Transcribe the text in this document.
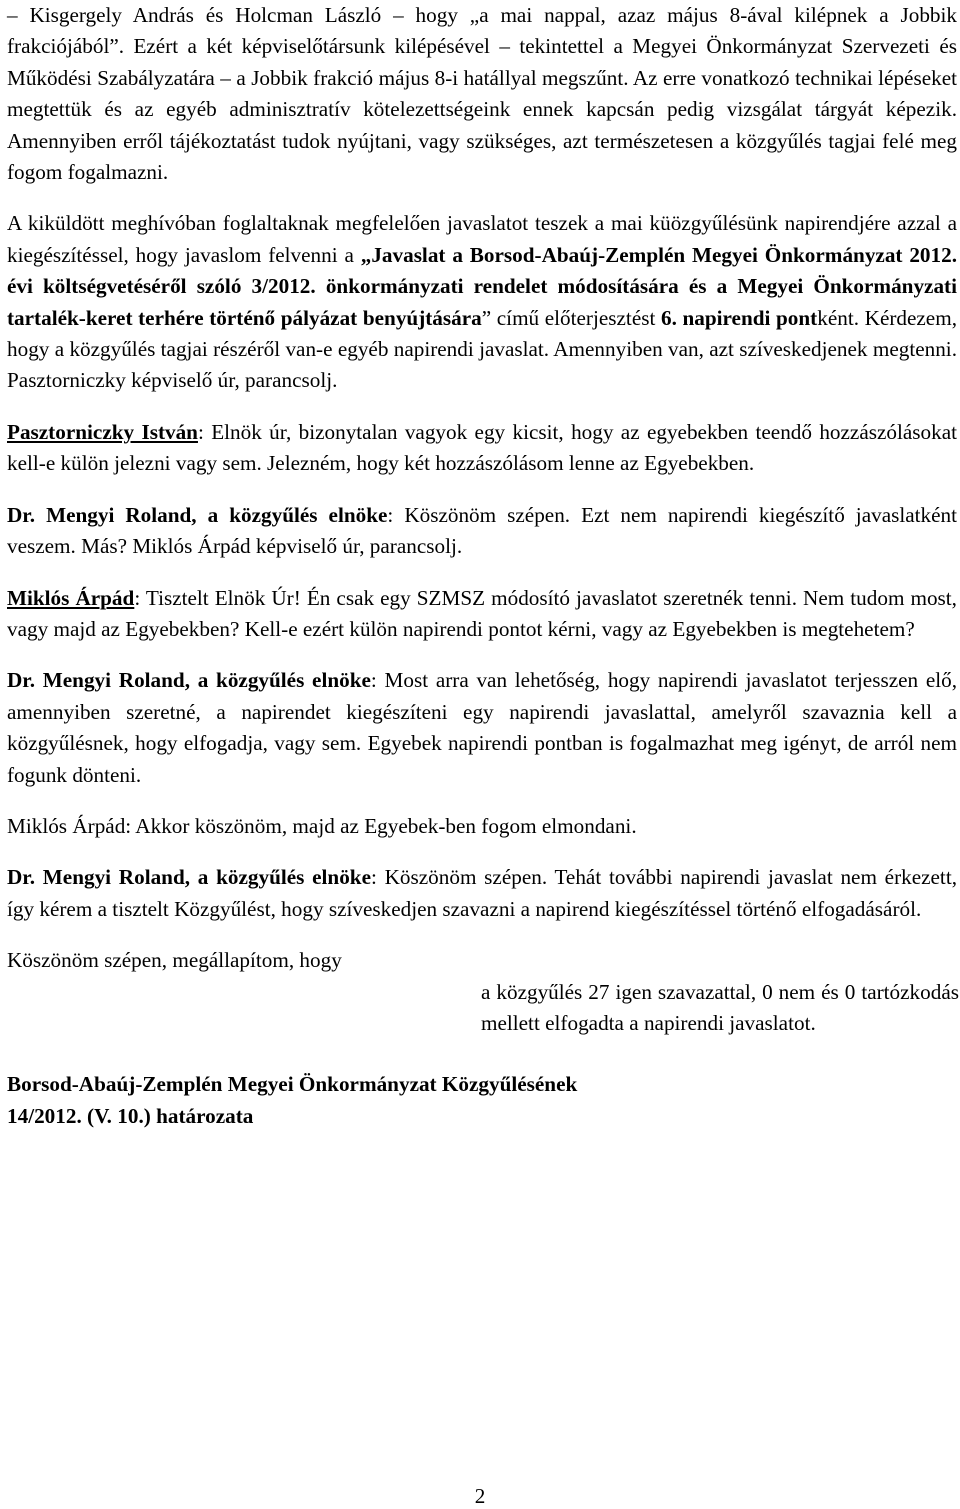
– Kisgergely András és Holcman László – hogy „a mai nappal, azaz május 8-ával kilépnek a Jobbik frakciójából”. Ezért a két képviselőtársunk kilépésével – tekintettel a Megyei Önkormányzat Szervezeti és Működési Szabályzatára – a Jobbik frakció május 8-i hatállyal megszűnt. Az erre vonatkozó technikai lépéseket megtettük és az egyéb adminisztratív kötelezettségeink ennek kapcsán pedig vizsgálat tárgyát képezik. Amennyiben erről tájékoztatást tudok nyújtani, vagy szükséges, azt természetesen a közgyűlés tagjai felé meg fogom fogalmazni.

A kiküldött meghívóban foglaltaknak megfelelően javaslatot teszek a mai küözgyűlésünk napirendjére azzal a kiegészítéssel, hogy javaslom felvenni a „Javaslat a Borsod-Abaúj-Zemplén Megyei Önkormányzat 2012. évi költségvetéséről szóló 3/2012. önkormányzati rendelet módosítására és a Megyei Önkormányzati tartalék-keret terhére történő pályázat benyújtására” című előterjesztést 6. napirendi pontként. Kérdezem, hogy a közgyűlés tagjai részéről van-e egyéb napirendi javaslat. Amennyiben van, azt szíveskedjenek megtenni. Pasztorniczky képviselő úr, parancsolj.

Pasztorniczky István: Elnök úr, bizonytalan vagyok egy kicsit, hogy az egyebekben teendő hozzászólásokat kell-e külön jelezni vagy sem. Jelezném, hogy két hozzászólásom lenne az Egyebekben.

Dr. Mengyi Roland, a közgyűlés elnöke: Köszönöm szépen. Ezt nem napirendi kiegészítő javaslatként veszem. Más? Miklós Árpád képviselő úr, parancsolj.

Miklós Árpád: Tisztelt Elnök Úr! Én csak egy SZMSZ módosító javaslatot szeretnék tenni. Nem tudom most, vagy majd az Egyebekben? Kell-e ezért külön napirendi pontot kérni, vagy az Egyebekben is megtehetem?

Dr. Mengyi Roland, a közgyűlés elnöke: Most arra van lehetőség, hogy napirendi javaslatot terjesszen elő, amennyiben szeretné, a napirendet kiegészíteni egy napirendi javaslattal, amelyről szavaznia kell a közgyűlésnek, hogy elfogadja, vagy sem. Egyebek napirendi pontban is fogalmazhat meg igényt, de arról nem fogunk dönteni.

Miklós Árpád: Akkor köszönöm, majd az Egyebek-ben fogom elmondani.

Dr. Mengyi Roland, a közgyűlés elnöke: Köszönöm szépen. Tehát további napirendi javaslat nem érkezett, így kérem a tisztelt Közgyűlést, hogy szíveskedjen szavazni a napirend kiegészítéssel történő elfogadásáról.

Köszönöm szépen, megállapítom, hogy

a közgyűlés 27 igen szavazattal, 0 nem és 0 tartózkodás mellett elfogadta a napirendi javaslatot.

Borsod-Abaúj-Zemplén Megyei Önkormányzat Közgyűlésének
14/2012. (V. 10.) határozata
2
